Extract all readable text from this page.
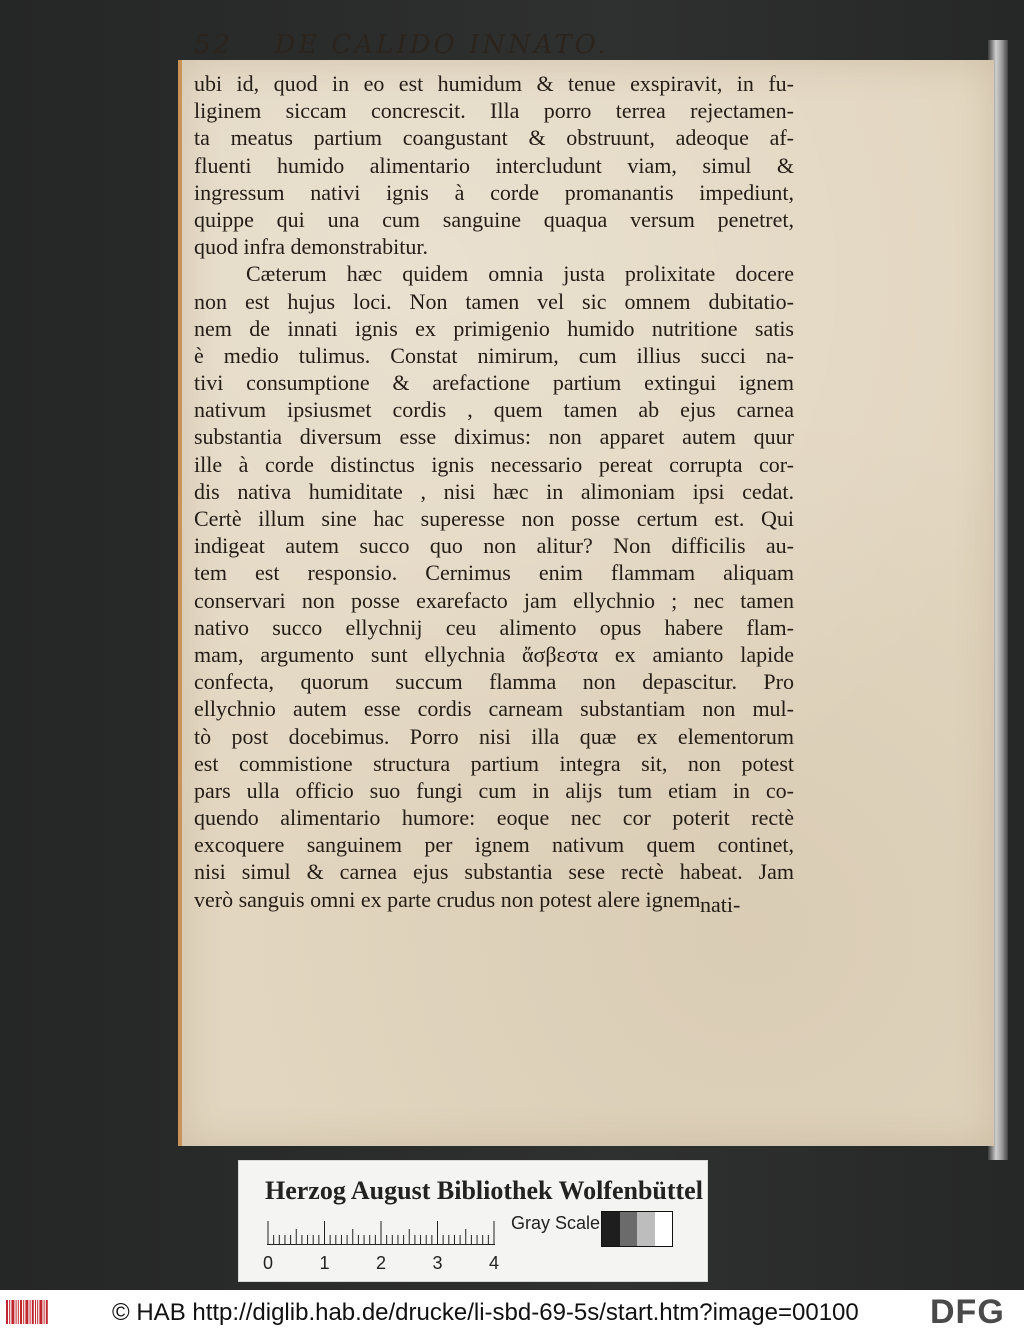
52 DE CALIDO INNATO.
ubi id, quod in eo est humidum & tenue exspiravit, in fu-
liginem siccam concrescit. Illa porro terrea rejectamen-
ta meatus partium coangustant & obstruunt, adeoque af-
fluenti humido alimentario intercludunt viam, simul &
ingressum nativi ignis à corde promanantis impediunt,
quippe qui una cum sanguine quaqua versum penetret,
quod infra demonstrabitur.
Cæterum hæc quidem omnia justa prolixitate docere
non est hujus loci. Non tamen vel sic omnem dubitatio-
nem de innati ignis ex primigenio humido nutritione satis
è medio tulimus. Constat nimirum, cum illius succi na-
tivi consumptione & arefactione partium extingui ignem
nativum ipsiusmet cordis , quem tamen ab ejus carnea
substantia diversum esse diximus: non apparet autem quur
ille à corde distinctus ignis necessario pereat corrupta cor-
dis nativa humiditate , nisi hæc in alimoniam ipsi cedat.
Certè illum sine hac superesse non posse certum est. Qui
indigeat autem succo quo non alitur? Non difficilis au-
tem est responsio. Cernimus enim flammam aliquam
conservari non posse exarefacto jam ellychnio ; nec tamen
nativo succo ellychnij ceu alimento opus habere flam-
mam, argumento sunt ellychnia ἄσβεστα ex amianto lapide
confecta, quorum succum flamma non depascitur. Pro
ellychnio autem esse cordis carneam substantiam non mul-
tò post docebimus. Porro nisi illa quæ ex elementorum
est commistione structura partium integra sit, non potest
pars ulla officio suo fungi cum in alijs tum etiam in co-
quendo alimentario humore: eoque nec cor poterit rectè
excoquere sanguinem per ignem nativum quem continet,
nisi simul & carnea ejus substantia sese rectè habeat. Jam
verò sanguis omni ex parte crudus non potest alere ignem nati-
Herzog August Bibliothek Wolfenbüttel
0	1	2	3	4
Gray Scale
© HAB http://diglib.hab.de/drucke/li-sbd-69-5s/start.htm?image=00100 DFG
